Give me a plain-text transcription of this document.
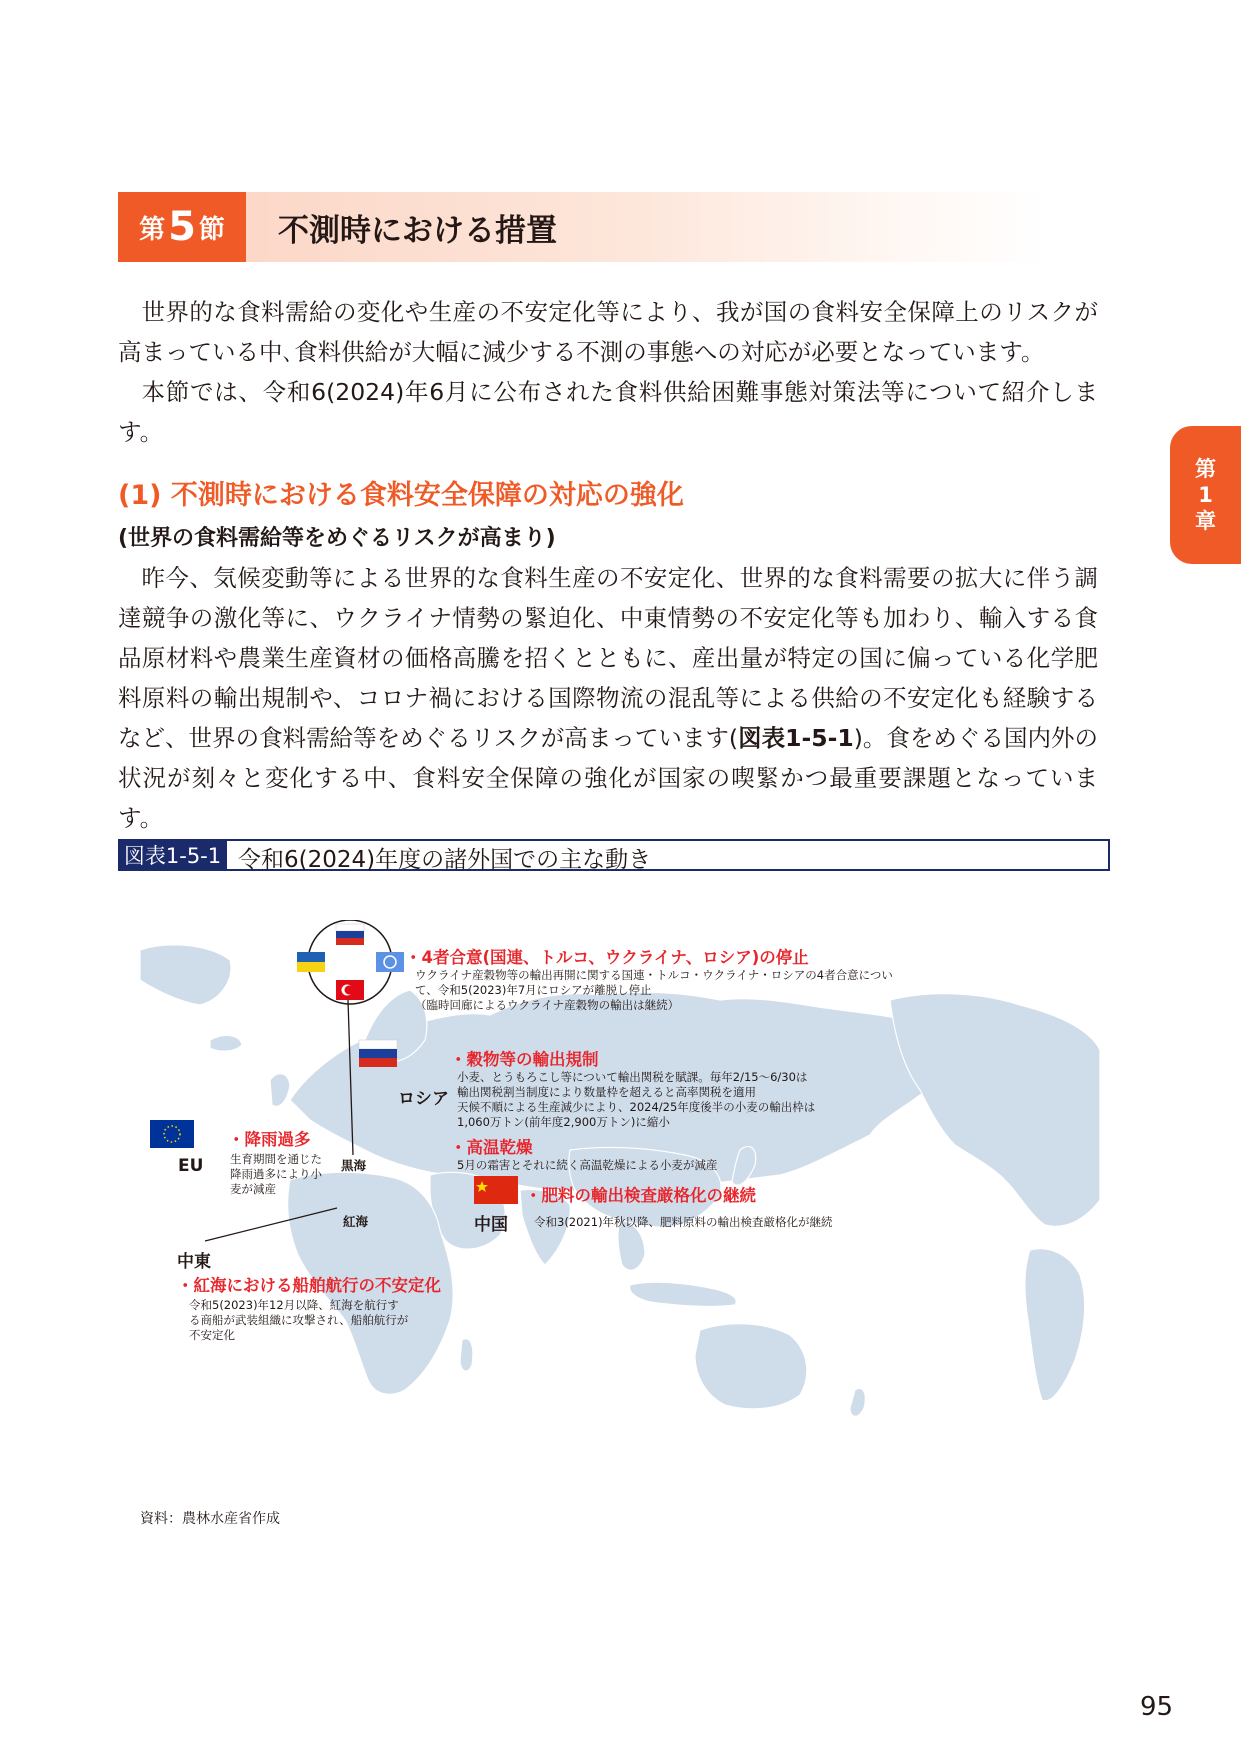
第 5 節 不測時における措置
第
1
章
世界的な食料需給の変化や生産の不安定化等により、我が国の食料安全保障上のリスクが高まっている中､食料供給が大幅に減少する不測の事態への対応が必要となっています。
本節では、令和6(2024)年6月に公布された食料供給困難事態対策法等について紹介します。
(1) 不測時における食料安全保障の対応の強化
(世界の食料需給等をめぐるリスクが高まり)
昨今、気候変動等による世界的な食料生産の不安定化、世界的な食料需要の拡大に伴う調達競争の激化等に、ウクライナ情勢の緊迫化、中東情勢の不安定化等も加わり、輸入する食品原材料や農業生産資材の価格高騰を招くとともに、産出量が特定の国に偏っている化学肥料原料の輸出規制や、コロナ禍における国際物流の混乱等による供給の不安定化も経験するなど、世界の食料需給等をめぐるリスクが高まっています(図表1-5-1)。食をめぐる国内外の状況が刻々と変化する中、食料安全保障の強化が国家の喫緊かつ最重要課題となっています。
図表1-5-1 令和6(2024)年度の諸外国での主な動き
・4者合意(国連、トルコ、ウクライナ、ロシア)の停止
ウクライナ産穀物等の輸出再開に関する国連・トルコ・ウクライナ・ロシアの4者合意につい
て、令和5(2023)年7月にロシアが離脱し停止
（臨時回廊によるウクライナ産穀物の輸出は継続）
ロシア
・穀物等の輸出規制
小麦、とうもろこし等について輸出関税を賦課。毎年2/15～6/30は
輸出関税割当制度により数量枠を超えると高率関税を適用
天候不順による生産減少により、2024/25年度後半の小麦の輸出枠は
1,060万トン(前年度2,900万トン)に縮小
・高温乾燥
5月の霜害とそれに続く高温乾燥による小麦が減産
EU
・降雨過多
生育期間を通じた
降雨過多により小
麦が減産
黒海
紅海	中国
・肥料の輸出検査厳格化の継続
令和3(2021)年秋以降、肥料原料の輸出検査厳格化が継続
中東
・紅海における船舶航行の不安定化
令和5(2023)年12月以降、紅海を航行す
る商船が武装組織に攻撃され、船舶航行が
不安定化
資料：農林水産省作成
95
